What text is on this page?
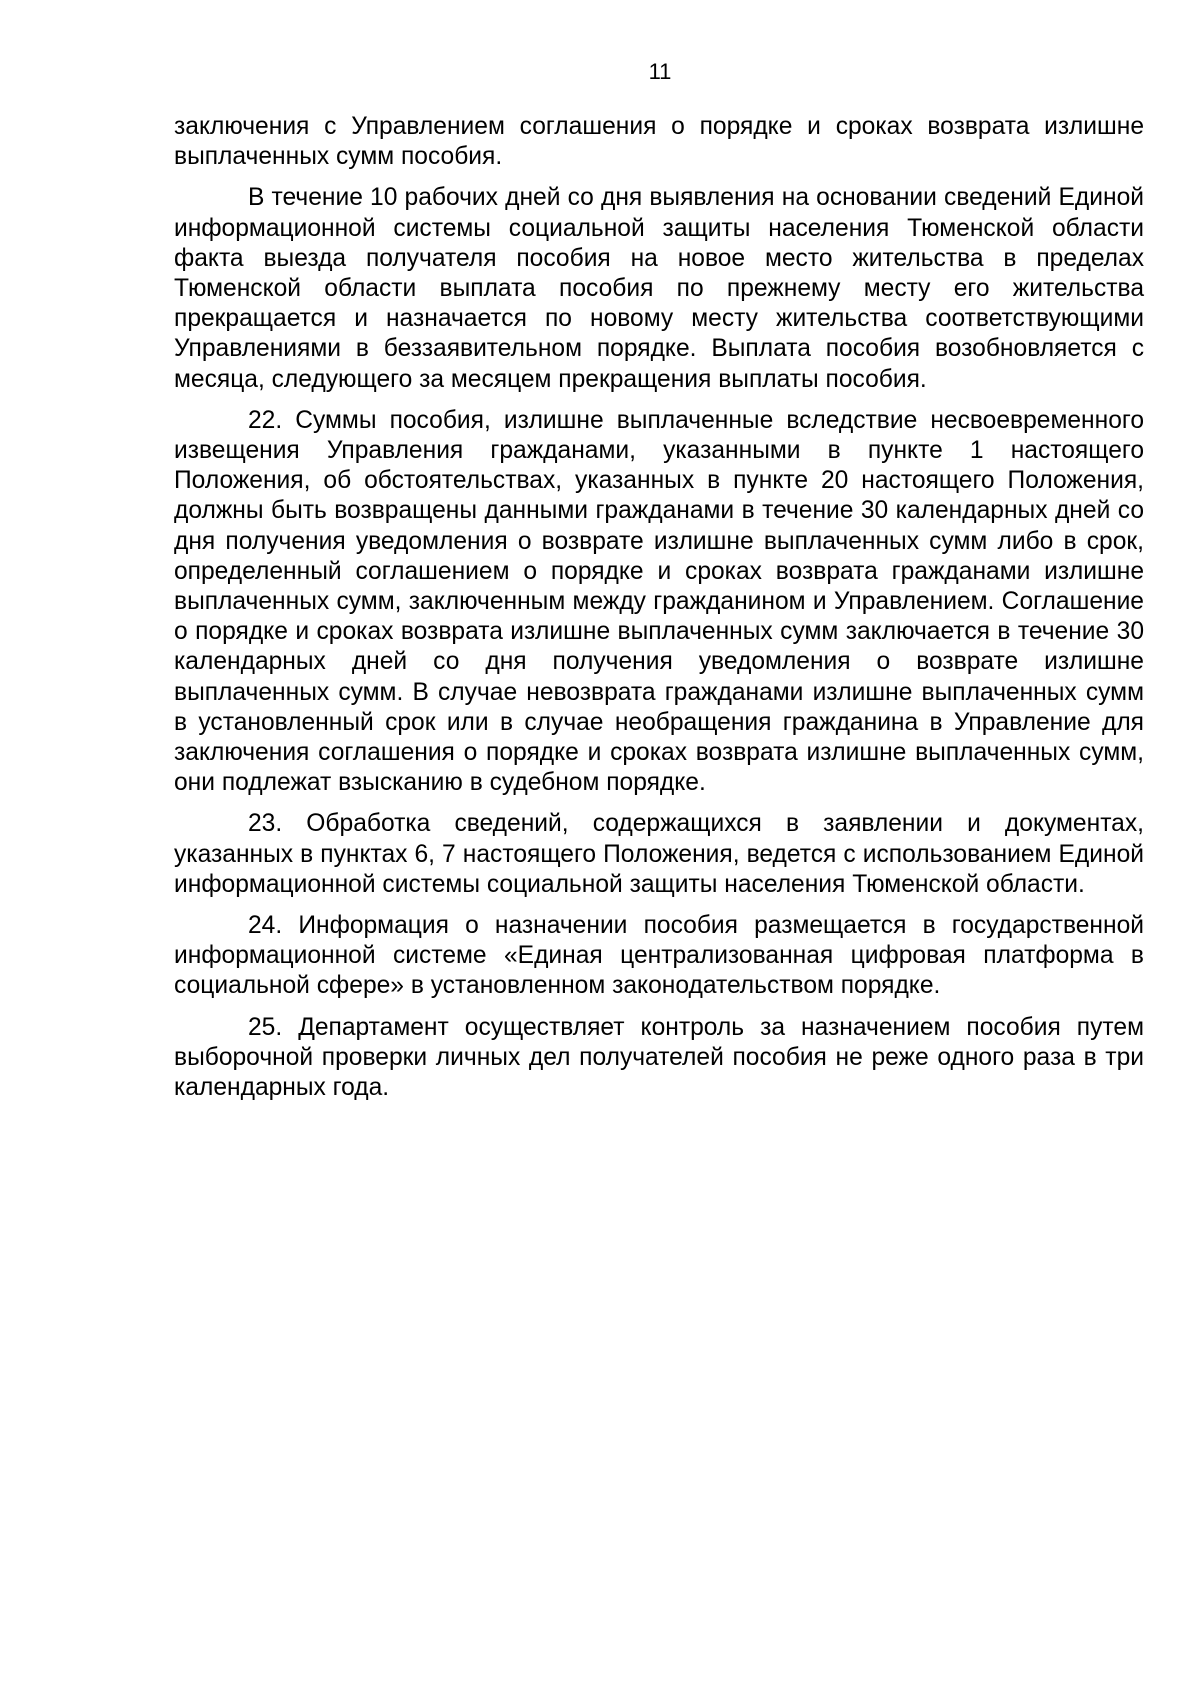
11

заключения с Управлением соглашения о порядке и сроках возврата излишне выплаченных сумм пособия.

В течение 10 рабочих дней со дня выявления на основании сведений Единой информационной системы социальной защиты населения Тюменской области факта выезда получателя пособия на новое место жительства в пределах Тюменской области выплата пособия по прежнему месту его жительства прекращается и назначается по новому месту жительства соответствующими Управлениями в беззаявительном порядке. Выплата пособия возобновляется с месяца, следующего за месяцем прекращения выплаты пособия.

22. Суммы пособия, излишне выплаченные вследствие несвоевременного извещения Управления гражданами, указанными в пункте 1 настоящего Положения, об обстоятельствах, указанных в пункте 20 настоящего Положения, должны быть возвращены данными гражданами в течение 30 календарных дней со дня получения уведомления о возврате излишне выплаченных сумм либо в срок, определенный соглашением о порядке и сроках возврата гражданами излишне выплаченных сумм, заключенным между гражданином и Управлением. Соглашение о порядке и сроках возврата излишне выплаченных сумм заключается в течение 30 календарных дней со дня получения уведомления о возврате излишне выплаченных сумм. В случае невозврата гражданами излишне выплаченных сумм в установленный срок или в случае необращения гражданина в Управление для заключения соглашения о порядке и сроках возврата излишне выплаченных сумм, они подлежат взысканию в судебном порядке.

23. Обработка сведений, содержащихся в заявлении и документах, указанных в пунктах 6, 7 настоящего Положения, ведется с использованием Единой информационной системы социальной защиты населения Тюменской области.

24. Информация о назначении пособия размещается в государственной информационной системе «Единая централизованная цифровая платформа в социальной сфере» в установленном законодательством порядке.

25. Департамент осуществляет контроль за назначением пособия путем выборочной проверки личных дел получателей пособия не реже одного раза в три календарных года.
